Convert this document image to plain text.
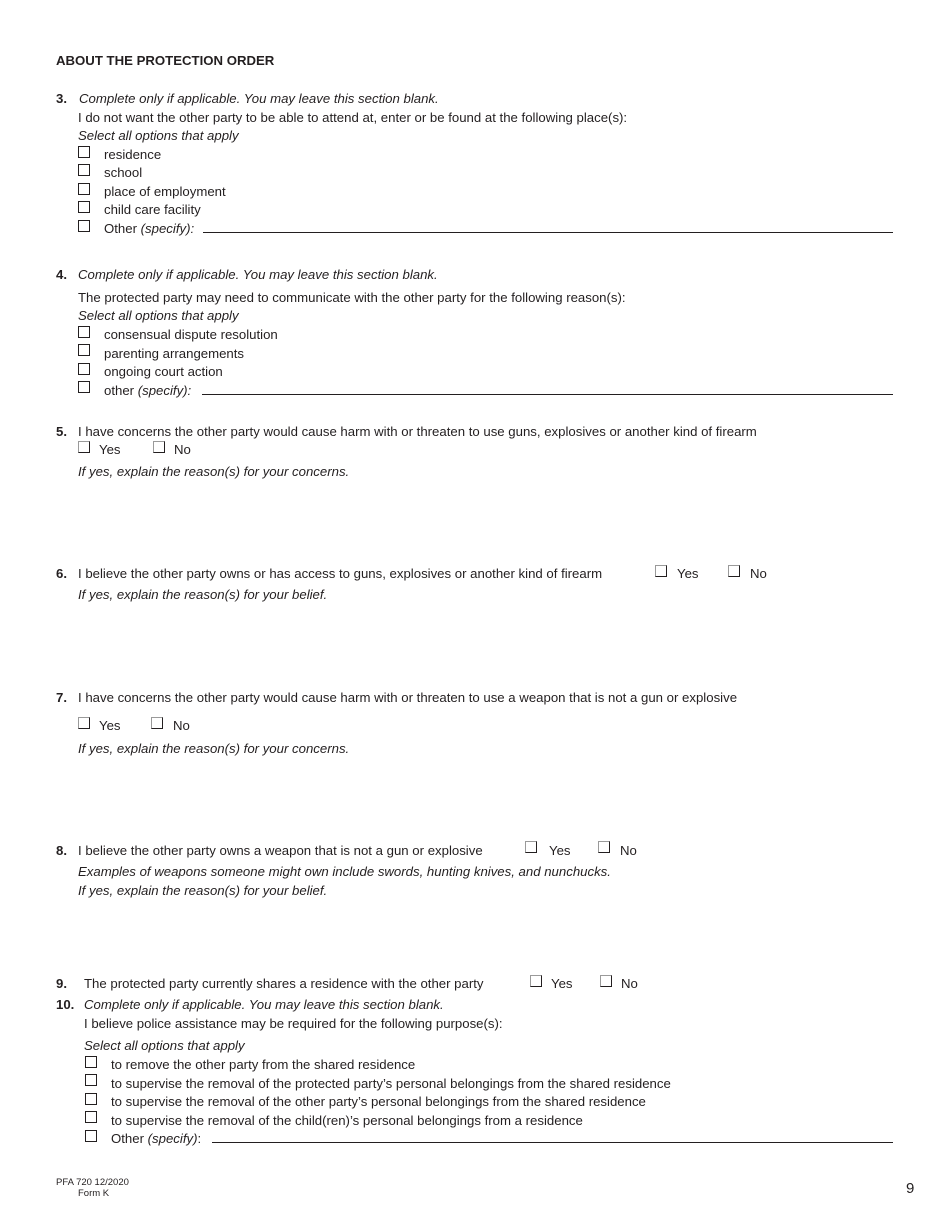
ABOUT THE PROTECTION ORDER
3. Complete only if applicable. You may leave this section blank.
I do not want the other party to be able to attend at, enter or be found at the following place(s):
Select all options that apply
residence
school
place of employment
child care facility
Other (specify):
4. Complete only if applicable. You may leave this section blank.
The protected party may need to communicate with the other party for the following reason(s):
Select all options that apply
consensual dispute resolution
parenting arrangements
ongoing court action
other (specify):
5. I have concerns the other party would cause harm with or threaten to use guns, explosives or another kind of firearm
Yes	No
If yes, explain the reason(s) for your concerns.
6. I believe the other party owns or has access to guns, explosives or another kind of firearm	Yes	No
If yes, explain the reason(s) for your belief.
7. I have concerns the other party would cause harm with or threaten to use a weapon that is not a gun or explosive
Yes	No
If yes, explain the reason(s) for your concerns.
8. I believe the other party owns a weapon that is not a gun or explosive	Yes	No
Examples of weapons someone might own include swords, hunting knives, and nunchucks.
If yes, explain the reason(s) for your belief.
9. The protected party currently shares a residence with the other party	Yes	No
10. Complete only if applicable. You may leave this section blank.
I believe police assistance may be required for the following purpose(s):
Select all options that apply
to remove the other party from the shared residence
to supervise the removal of the protected party’s personal belongings from the shared residence
to supervise the removal of the other party’s personal belongings from the shared residence
to supervise the removal of the child(ren)’s personal belongings from a residence
Other (specify):
PFA 720 12/2020
Form K	9
